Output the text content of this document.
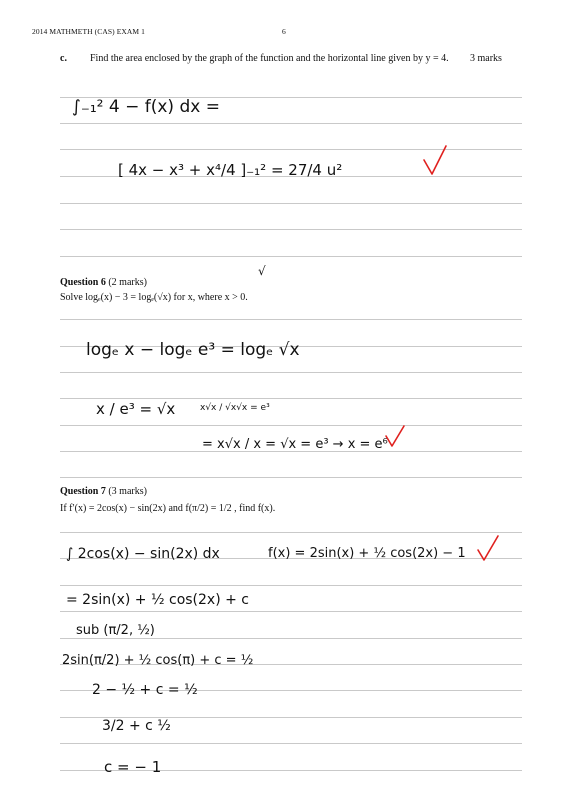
2014 MATHMETH (CAS) EXAM 1	6
c. Find the area enclosed by the graph of the function and the horizontal line given by y = 4.	3 marks
Question 6 (2 marks)
Solve logₑ(x) − 3 = logₑ(√x) for x, where x > 0.
Question 7 (3 marks)
If f′(x) = 2cos(x) − sin(2x) and f(π/2) = 1/2 , find f(x).
∫₋₁² 4 − f(x) dx =
[ 4x − x³ + x⁴/4 ]₋₁² = 27/4 u²
√
logₑ x − logₑ e³ = logₑ √x
x / e³ = √x	x√x / √x√x = e³
= x√x / x = √x = e³ → x = e⁶
∫ 2cos(x) − sin(2x) dx	f(x) = 2sin(x) + ½ cos(2x) − 1
= 2sin(x) + ½ cos(2x) + c
sub (π/2, ½)
2sin(π/2) + ½ cos(π) + c = ½
2 − ½ + c = ½
3/2 + c ½
c = − 1
